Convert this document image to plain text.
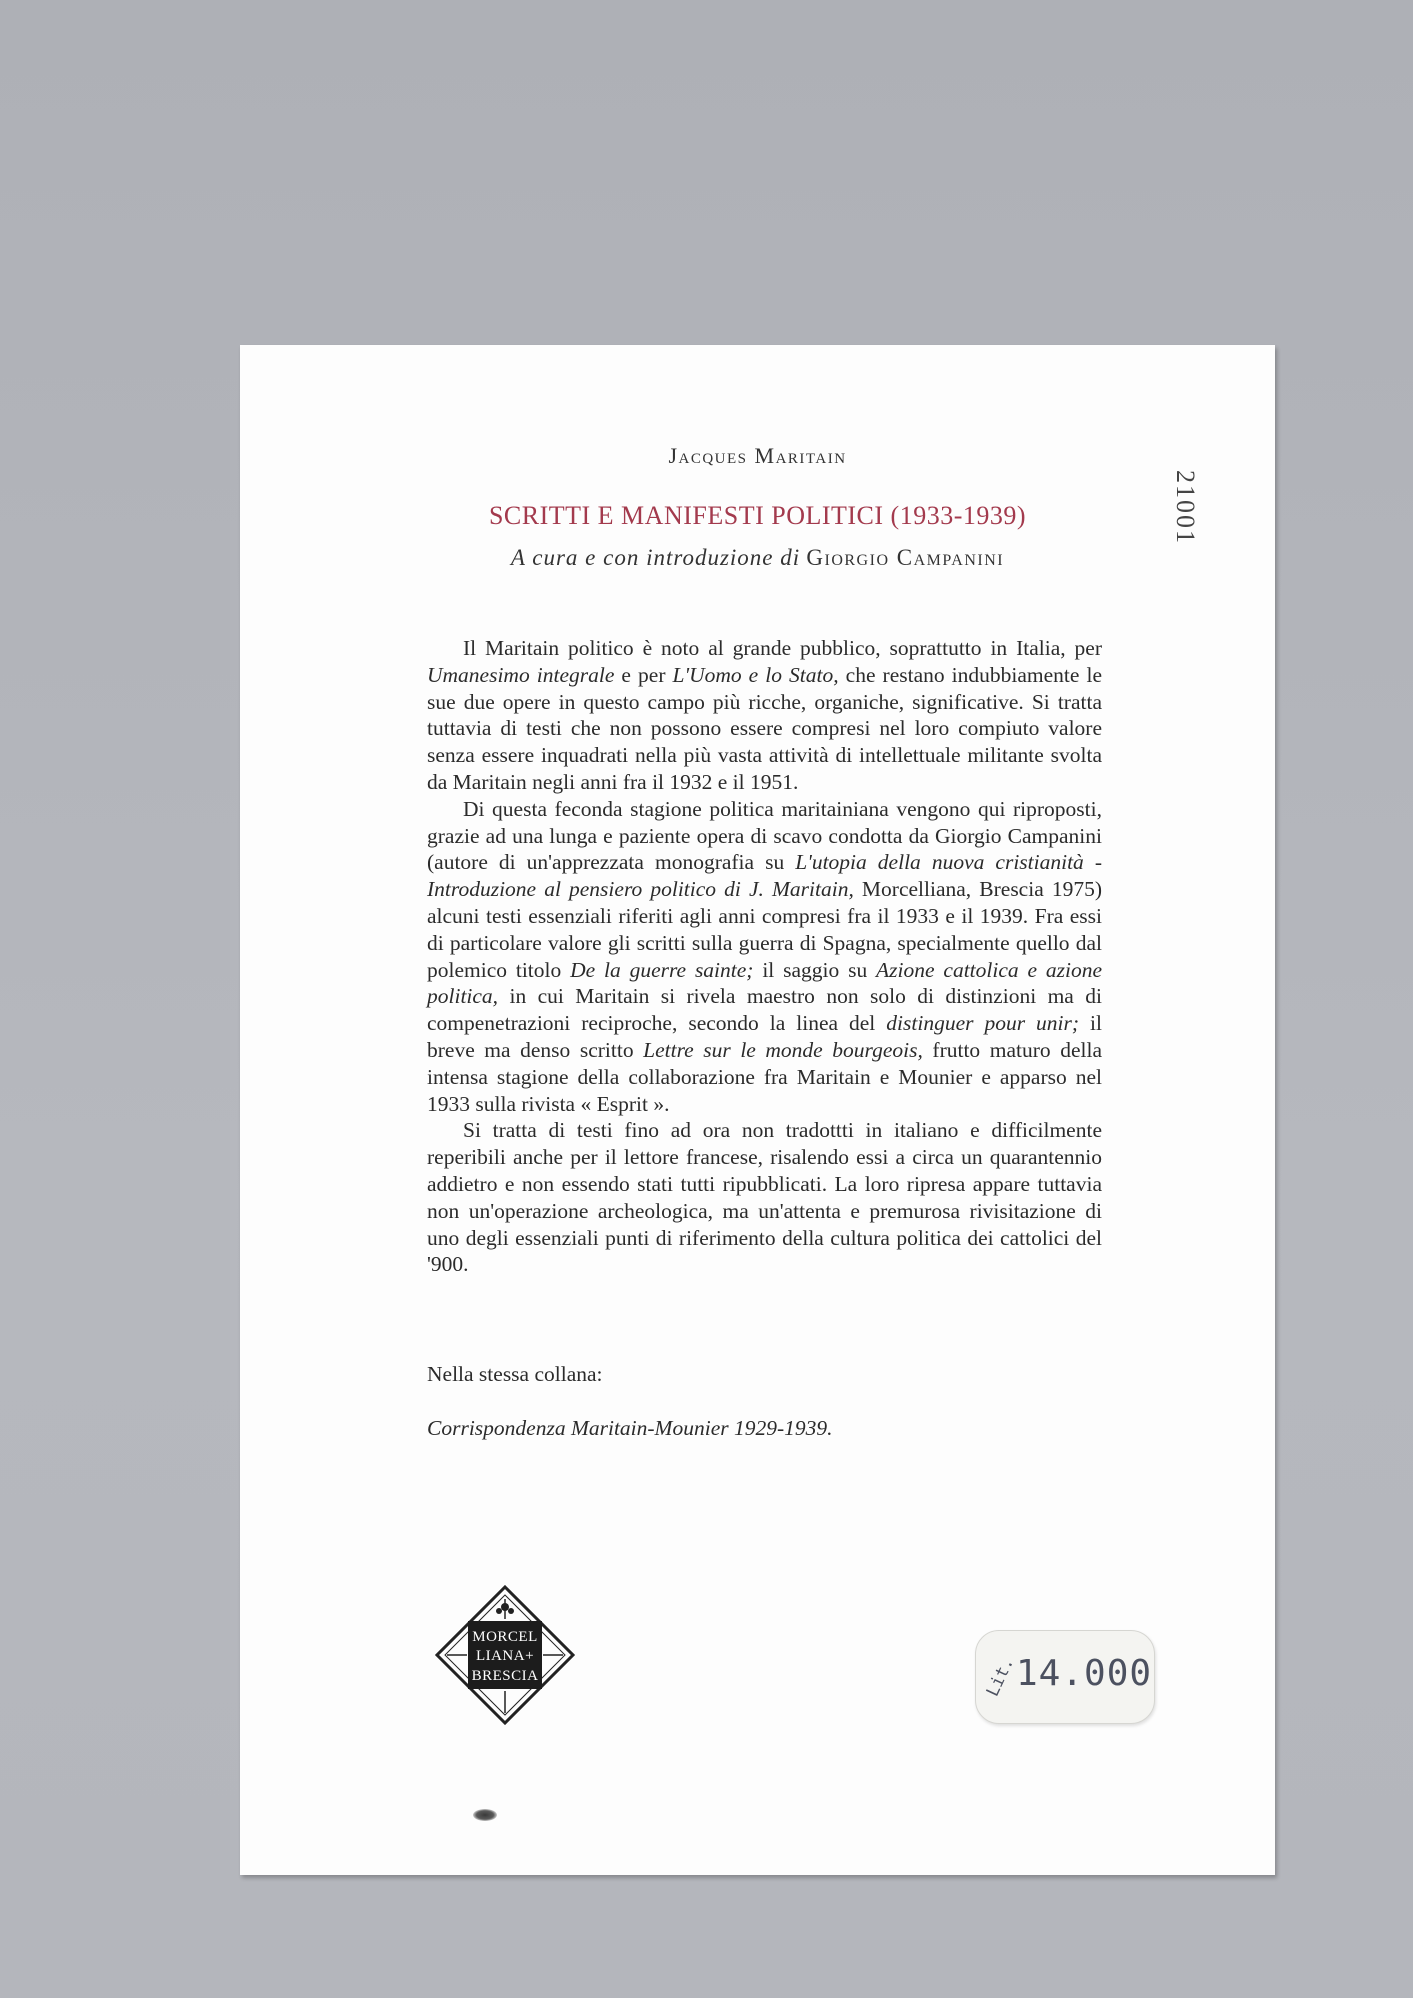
Jacques Maritain
SCRITTI E MANIFESTI POLITICI (1933-1939)
A cura e con introduzione di Giorgio Campanini
21001

Il Maritain politico è noto al grande pubblico, soprattutto in Italia, per Umanesimo integrale e per L'Uomo e lo Stato, che restano indubbiamente le sue due opere in questo campo più ricche, organiche, significative. Si tratta tuttavia di testi che non possono essere compresi nel loro compiuto valore senza essere inquadrati nella più vasta attività di intellettuale militante svolta da Maritain negli anni fra il 1932 e il 1951.

Di questa feconda stagione politica maritainiana vengono qui riproposti, grazie ad una lunga e paziente opera di scavo condotta da Giorgio Campanini (autore di un'apprezzata monografia su L'utopia della nuova cristianità - Introduzione al pensiero politico di J. Maritain, Morcelliana, Brescia 1975) alcuni testi essenziali riferiti agli anni compresi fra il 1933 e il 1939. Fra essi di particolare valore gli scritti sulla guerra di Spagna, specialmente quello dal polemico titolo De la guerre sainte; il saggio su Azione cattolica e azione politica, in cui Maritain si rivela maestro non solo di distinzioni ma di compenetrazioni reciproche, secondo la linea del distinguer pour unir; il breve ma denso scritto Lettre sur le monde bourgeois, frutto maturo della intensa stagione della collaborazione fra Maritain e Mounier e apparso nel 1933 sulla rivista « Esprit ».

Si tratta di testi fino ad ora non tradottti in italiano e difficilmente reperibili anche per il lettore francese, risalendo essi a circa un quarantennio addietro e non essendo stati tutti ripubblicati. La loro ripresa appare tuttavia non un'operazione archeologica, ma un'attenta e premurosa rivisitazione di uno degli essenziali punti di riferimento della cultura politica dei cattolici del '900.

Nella stessa collana:
Corrispondenza Maritain-Mounier 1929-1939.
MORCEL
LIANA+
BRESCIA	Lit.
14.000
